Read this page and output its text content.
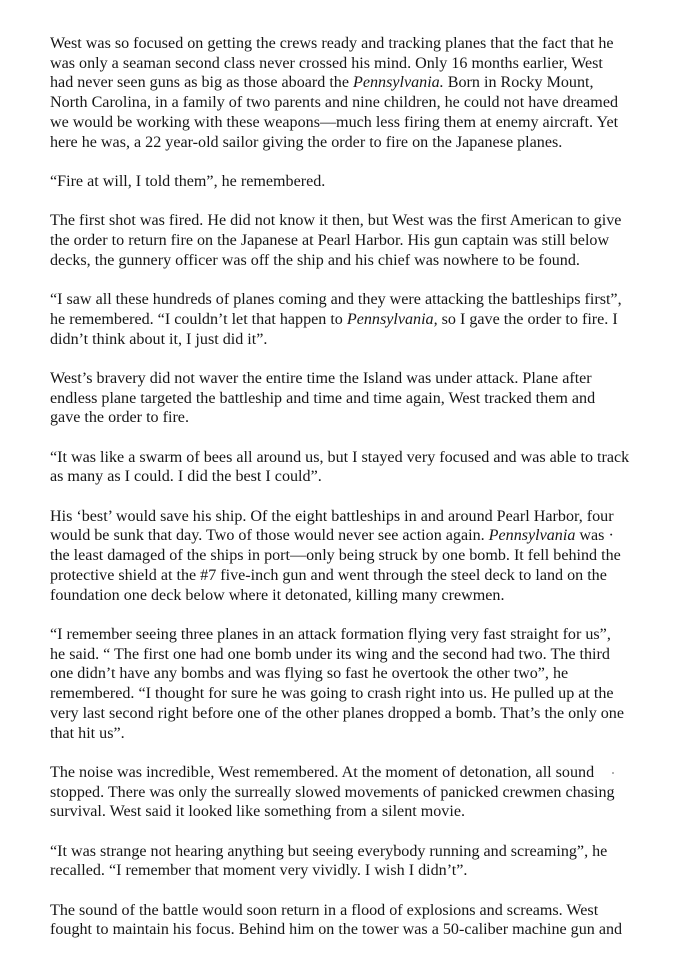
West was so focused on getting the crews ready and tracking planes that the fact that he
was only a seaman second class never crossed his mind. Only 16 months earlier, West
had never seen guns as big as those aboard the Pennsylvania. Born in Rocky Mount,
North Carolina, in a family of two parents and nine children, he could not have dreamed
we would be working with these weapons—much less firing them at enemy aircraft. Yet
here he was, a 22 year-old sailor giving the order to fire on the Japanese planes.

“Fire at will, I told them”, he remembered.

The first shot was fired. He did not know it then, but West was the first American to give
the order to return fire on the Japanese at Pearl Harbor. His gun captain was still below
decks, the gunnery officer was off the ship and his chief was nowhere to be found.

“I saw all these hundreds of planes coming and they were attacking the battleships first”,
he remembered. “I couldn’t let that happen to Pennsylvania, so I gave the order to fire. I
didn’t think about it, I just did it”.

West’s bravery did not waver the entire time the Island was under attack. Plane after
endless plane targeted the battleship and time and time again, West tracked them and
gave the order to fire.

“It was like a swarm of bees all around us, but I stayed very focused and was able to track
as many as I could. I did the best I could”.

His ‘best’ would save his ship. Of the eight battleships in and around Pearl Harbor, four
would be sunk that day. Two of those would never see action again. Pennsylvania was ·
the least damaged of the ships in port—only being struck by one bomb. It fell behind the
protective shield at the #7 five-inch gun and went through the steel deck to land on the
foundation one deck below where it detonated, killing many crewmen.

“I remember seeing three planes in an attack formation flying very fast straight for us”,
he said. “ The first one had one bomb under its wing and the second had two. The third
one didn’t have any bombs and was flying so fast he overtook the other two”, he
remembered. “I thought for sure he was going to crash right into us. He pulled up at the
very last second right before one of the other planes dropped a bomb. That’s the only one
that hit us”.

The noise was incredible, West remembered. At the moment of detonation, all sound
stopped. There was only the surreally slowed movements of panicked crewmen chasing
survival. West said it looked like something from a silent movie.

“It was strange not hearing anything but seeing everybody running and screaming”, he
recalled. “I remember that moment very vividly. I wish I didn’t”.

The sound of the battle would soon return in a flood of explosions and screams. West
fought to maintain his focus. Behind him on the tower was a 50-caliber machine gun and
